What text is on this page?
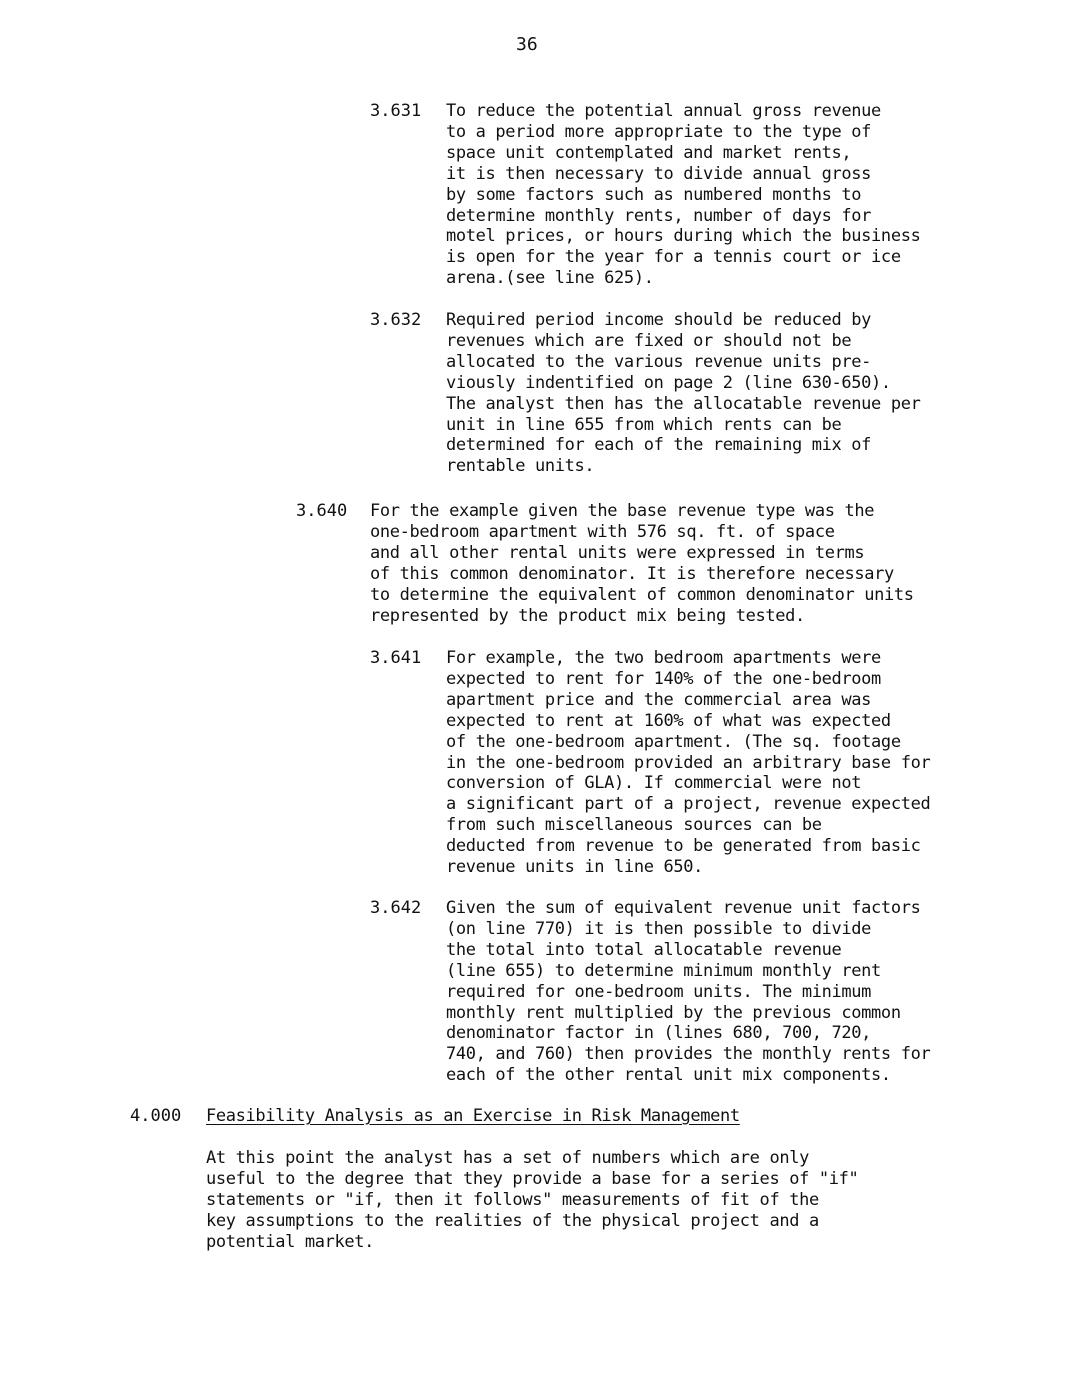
36
3.631 To reduce the potential annual gross revenue
to a period more appropriate to the type of
space unit contemplated and market rents,
it is then necessary to divide annual gross
by some factors such as numbered months to
determine monthly rents, number of days for
motel prices, or hours during which the business
is open for the year for a tennis court or ice
arena.(see line 625).
3.632 Required period income should be reduced by
revenues which are fixed or should not be
allocated to the various revenue units pre-
viously indentified on page 2 (line 630-650).
The analyst then has the allocatable revenue per
unit in line 655 from which rents can be
determined for each of the remaining mix of
rentable units.
3.640 For the example given the base revenue type was the
one-bedroom apartment with 576 sq. ft. of space
and all other rental units were expressed in terms
of this common denominator. It is therefore necessary
to determine the equivalent of common denominator units
represented by the product mix being tested.
3.641 For example, the two bedroom apartments were
expected to rent for 140% of the one-bedroom
apartment price and the commercial area was
expected to rent at 160% of what was expected
of the one-bedroom apartment. (The sq. footage
in the one-bedroom provided an arbitrary base for
conversion of GLA). If commercial were not
a significant part of a project, revenue expected
from such miscellaneous sources can be
deducted from revenue to be generated from basic
revenue units in line 650.
3.642 Given the sum of equivalent revenue unit factors
(on line 770) it is then possible to divide
the total into total allocatable revenue
(line 655) to determine minimum monthly rent
required for one-bedroom units. The minimum
monthly rent multiplied by the previous common
denominator factor in (lines 680, 700, 720,
740, and 760) then provides the monthly rents for
each of the other rental unit mix components.
4.000 Feasibility Analysis as an Exercise in Risk Management
At this point the analyst has a set of numbers which are only
useful to the degree that they provide a base for a series of "if"
statements or "if, then it follows" measurements of fit of the
key assumptions to the realities of the physical project and a
potential market.
